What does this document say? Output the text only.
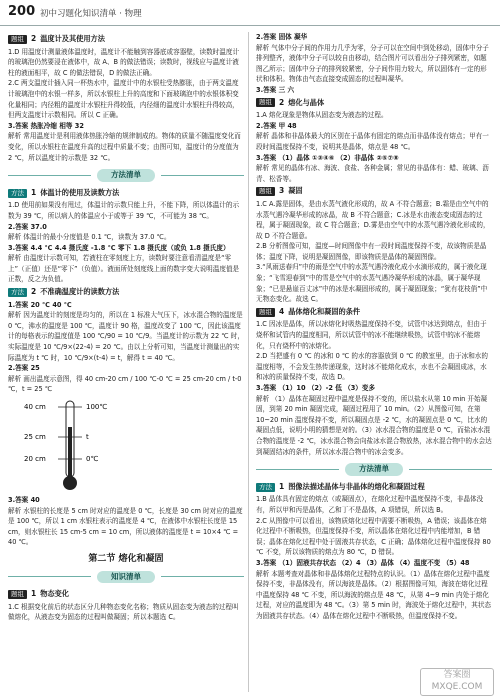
200 初中习题化知识清单 · 物理
题组 2 温度计及其使用方法

1.D 用温度计测量液体温度时，温度计不能触到容器底或容器壁，读数时温度计的玻璃泡仍然要浸在液体中，故 A、B 的做法错误；读数时，视线应与温度计液柱的液面相平，故 C 的做法错误，D 的做法正确。

2.C 两支温度计插入同一杯热水中，温度计中的水银柱受热膨胀，由于两支温度计玻璃泡中的水银一样多，所以水银柱上升的高度和下面玻璃泡中的水银体积变化量相同；内径粗的温度计水银柱升得较低，内径细的温度计水银柱升得较高，但两支温度计示数相同。所以 C 正确。

3.答案 热胀冷缩 相等 32

解析 常用温度计是利用液体热胀冷缩的规律制成的。物体的质量不随温度变化而变化，所以水银柱在温度升高的过程中质量不变；由图可知，温度计的分度值为 2 ℃，所以温度计的示数是 32 ℃。

方法清单
方法 1 体温计的使用及读数方法

1.D 使用前如果没有甩过，体温计的示数只能上升，不能下降，所以体温计的示数为 39 ℃，所以病人的体温应小于或等于 39 ℃，不可能为 38 ℃。

2.答案 37.0

解析 体温计的最小分度值是 0.1 ℃，读数为 37.0 ℃。

3.答案 4.4 ℃ 4.4 摄氏度 -1.8 ℃ 零下 1.8 摄氏度（或负 1.8 摄氏度）

解析 由温度计示数可知，若液柱在零刻度上方，读数时要注意看清温度是“零上”（正值）还是“零下”（负值）。液面所处刻度线上面的数字变大说明温度值是正数，反之为负值。

方法 2 不准确温度计的读数方法

1.答案 20 ℃ 40 ℃

解析 因为温度计的刻度是均匀的，所以在 1 标准大气压下，冰水混合物的温度是 0 ℃，沸水的温度是 100 ℃，温度计 90 格，温度改变了 100 ℃，因此该温度计的每格表示的温度值是 100 ℃/90 = 10 ℃/9。当温度计的示数为 22 ℃ 时，实际温度是 10 ℃/9×(22-4) = 20 ℃。由以上分析可知，当温度计测量出的实际温度为 t ℃ 时，10 ℃/9×(t-4) = t，解得 t = 40 ℃。

2.答案 25

解析 画出温度示意图，得 40 cm-20 cm / 100 ℃-0 ℃ = 25 cm-20 cm / t-0 ℃，t = 25 ℃

40 cm	100℃
25 cm	t
20 cm	0℃

3.答案 40

解析 水银柱的长度是 5 cm 时对应的温度是 0 ℃，长度是 30 cm 时对应的温度是 100 ℃，所以 1 cm 水银柱表示的温度是 4 ℃，在液体中水银柱长度是 15 cm，则水银柱长 15 cm-5 cm = 10 cm，所以液体的温度是 t = 10×4 ℃ = 40 ℃。

第二节 熔化和凝固
知识清单
题组 1 物态变化

1.C 根据变化前后的状态区分几种物态变化名称；物质从固态变为液态的过程叫做熔化，从液态变为固态的过程叫做凝固；所以本题选 C。

2.答案 固体 凝华

解析 气体中分子间的作用力几乎为零，分子可以在空间中到处移动，固体中分子排列整齐，液体中分子可以较自由移动，结合图片可以看出分子排列紧密，如题图乙所示；固体中分子的排列较紧密，分子间作用力较大，所以固体有一定的形状和体积。物体由气态直接变成固态的过程叫凝华。

3.答案 三 六

题组 2 熔化与晶体

1.A 熔化现象是物体从固态变为液态的过程。

2.答案 甲 48

解析 晶体和非晶体最大的区别在于晶体有固定的熔点而非晶体没有熔点；甲有一段时间温度保持不变，说明其是晶体，熔点是 48 ℃。

3.答案 （1）晶体 ①③④⑥ （2）非晶体 ②⑤⑦⑧

解析 常见的晶体有冰、海波、食盐、各种金属；常见的非晶体有：蜡、玻璃、沥青、松香等。

题组 3 凝固

1.C A.露是固体，是由水蒸气液化形成的，故 A 不符合题意；B.霜是由空气中的水蒸气遇冷凝华形成的冰晶，故 B 不符合题意；C.冰是水由液态变成固态的过程，属于凝固现象，故 C 符合题意；D.雾是由空气中的水蒸气遇冷液化形成的，故 D 不符合题意。

2.B 分析图像可知，温度—时间图像中有一段时间温度保持不变，故该物质是晶体；温度下降，说明是凝固图像，即该物质是晶体的凝固图像。

3.“风雨送春归”中的雨是空气中的水蒸气遇冷液化成小水滴形成的，属于液化现象；“飞雪迎春到”中的雪是空气中的水蒸气遇冷凝华形成的冰晶，属于凝华现象；“已是悬崖百丈冰”中的冰是水凝固形成的，属于凝固现象；“犹有花枝俏”中无物态变化。故选 C。

题组 4 晶体熔化和凝固的条件

1.C 因冰是晶体，所以冰熔化时吸热温度保持不变，试管中冰达到熔点，但由于烧杯和试管内的温度相同，所以试管中的冰不能继续吸热，试管中的冰不能熔化，只有烧杯中的冰熔化。

2.D 当把盛有 0 ℃ 的冰和 0 ℃ 的水的容器放到 0 ℃ 的教室里，由于冰和水的温度相等，不会发生热传递现象，这时冰不能熔化成水，水也不会凝固成冰，水和冰的质量保持不变，故选 D。

3.答案 （1）10 （2）-2 低 （3）变多

解析 （1）晶体在凝固过程中温度是保持不变的，所以盐水从第 10 min 开始凝固，到第 20 min 凝固完成，凝固过程用了 10 min。（2）从图像可知，在第 10~20 min 温度保持不变，所以凝固点是 -2 ℃，水的凝固点是 0 ℃，比水的凝固点低，说明小明的猜想是对的。（3）冰水混合物的温度是 0 ℃，而盐冰水混合物的温度是 -2 ℃，冰水混合物会向盐冰水混合物放热，冰水混合物中的水会达到凝固结冰的条件，所以冰水混合物中的冰会变多。

方法清单
方法 1 图像法描述晶体与非晶体的熔化和凝固过程

1.B 晶体具有固定的熔点（或凝固点），在熔化过程中温度保持不变，非晶体没有，所以甲和丙是晶体，乙和丁不是晶体，A 项错误，所以选 B。

2.C 从图像中可以看出，该物质熔化过程中需要不断吸热，A 错误；该晶体在熔化过程中不断吸热，但温度保持不变，所以晶体在熔化过程中内能增加，B 错误；晶体在熔化过程中处于固液共存状态，C 正确；晶体熔化过程中温度保持 80 ℃ 不变，所以该物质的熔点为 80 ℃，D 错误。

3.答案 （1）固液共存状态 （2）4 （3）晶体 （4）温度不变 （5）48

解析 本题考查对晶体和非晶体熔化过程特点的认识。（1）晶体在熔化过程中温度保持不变，非晶体没有，所以海波是晶体。（2）根据图像可知，海波在熔化过程中温度保持 48 ℃ 不变，所以海波的熔点是 48 ℃，从第 4~9 min 内处于熔化过程，对应的温度即为 48 ℃。（3）第 5 min 时，海波处于熔化过程中，其状态为固液共存状态。（4）晶体在熔化过程中不断吸热，但温度保持不变。

答案圈
MXQE.COM
